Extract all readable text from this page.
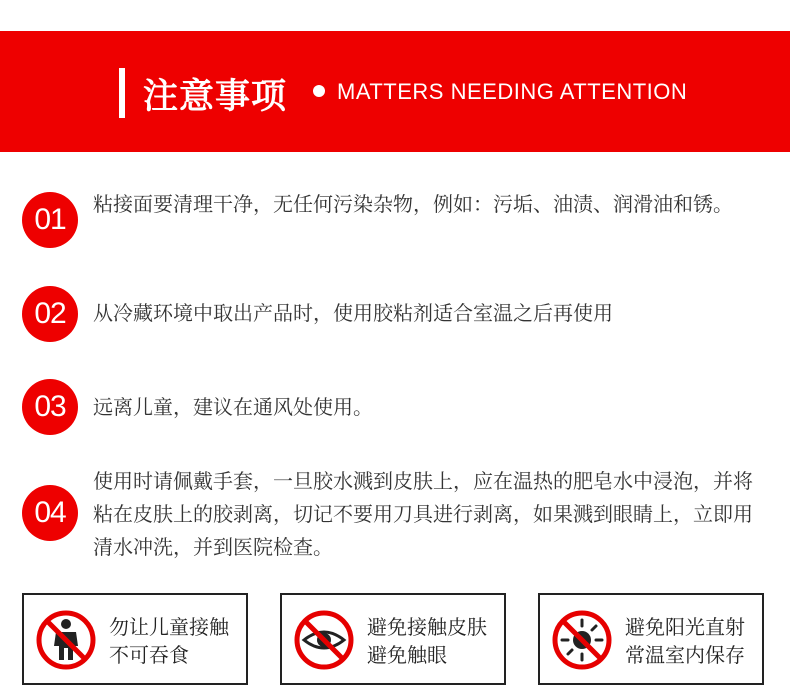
注意事项 MATTERS NEEDING ATTENTION
01	粘接面要清理干净，无任何污染杂物，例如：污垢、油渍、润滑油和锈。
02	从冷藏环境中取出产品时，使用胶粘剂适合室温之后再使用
03	远离儿童，建议在通风处使用。
04
使用时请佩戴手套，一旦胶水溅到皮肤上，应在温热的肥皂水中浸泡，并将粘在皮肤上的胶剥离，切记不要用刀具进行剥离，如果溅到眼睛上，立即用清水冲洗，并到医院检查。
勿让儿童接触
不可吞食
避免接触皮肤
避免触眼
避免阳光直射
常温室内保存
